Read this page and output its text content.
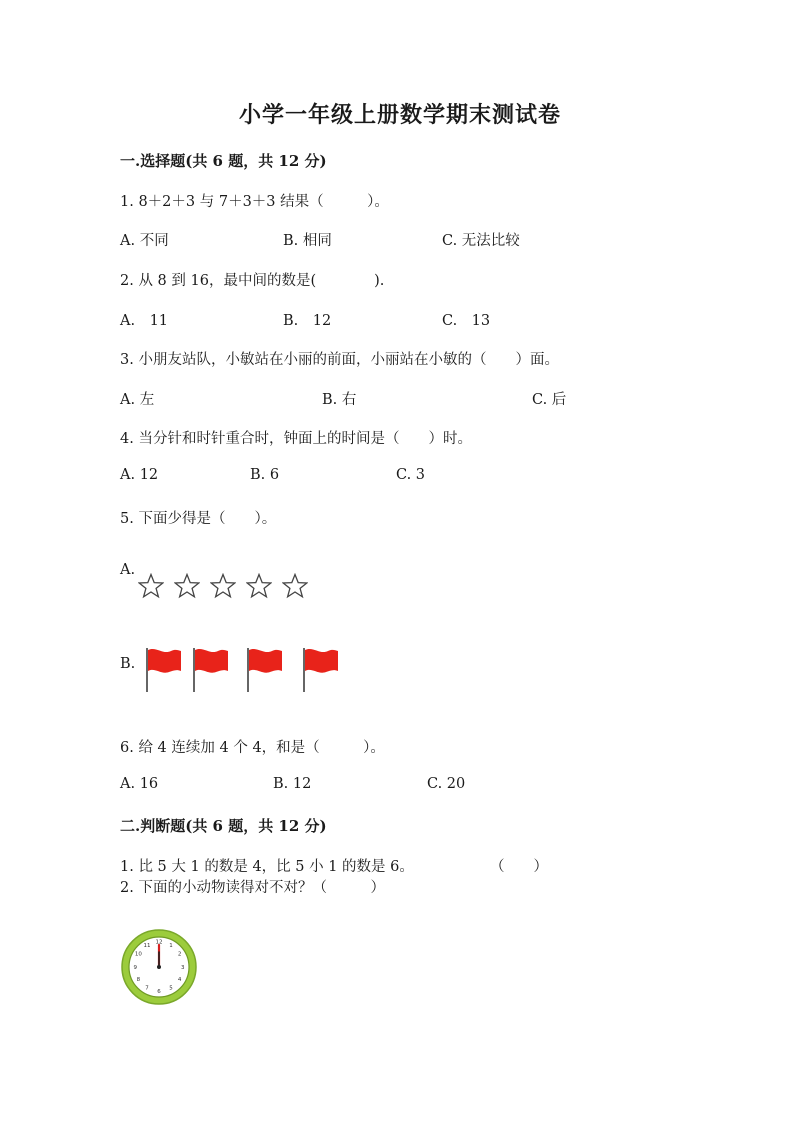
小学一年级上册数学期末测试卷
一.选择题(共 6 题，共 12 分)
1. 8＋2＋3 与 7＋3＋3 结果（　　　）。
A. 不同	B. 相同	C. 无法比较
2. 从 8 到 16，最中间的数是(　　　　).
A.　11	B.　12	C.　13
3. 小朋友站队，小敏站在小丽的前面，小丽站在小敏的（　　）面。
A. 左	B. 右	C. 后
4. 当分针和时针重合时，钟面上的时间是（　　）时。
A. 12	B. 6	C. 3
5. 下面少得是（　　）。
A.
B.
6. 给 4 连续加 4 个 4，和是（　　　）。
A. 16	B. 12	C. 20
二.判断题(共 6 题，共 12 分)
1. 比 5 大 1 的数是 4，比 5 小 1 的数是 6。	（　　）
2. 下面的小动物读得对不对？（　　　）
12
1
2
3
4
5
6
7
8
9
10
11
